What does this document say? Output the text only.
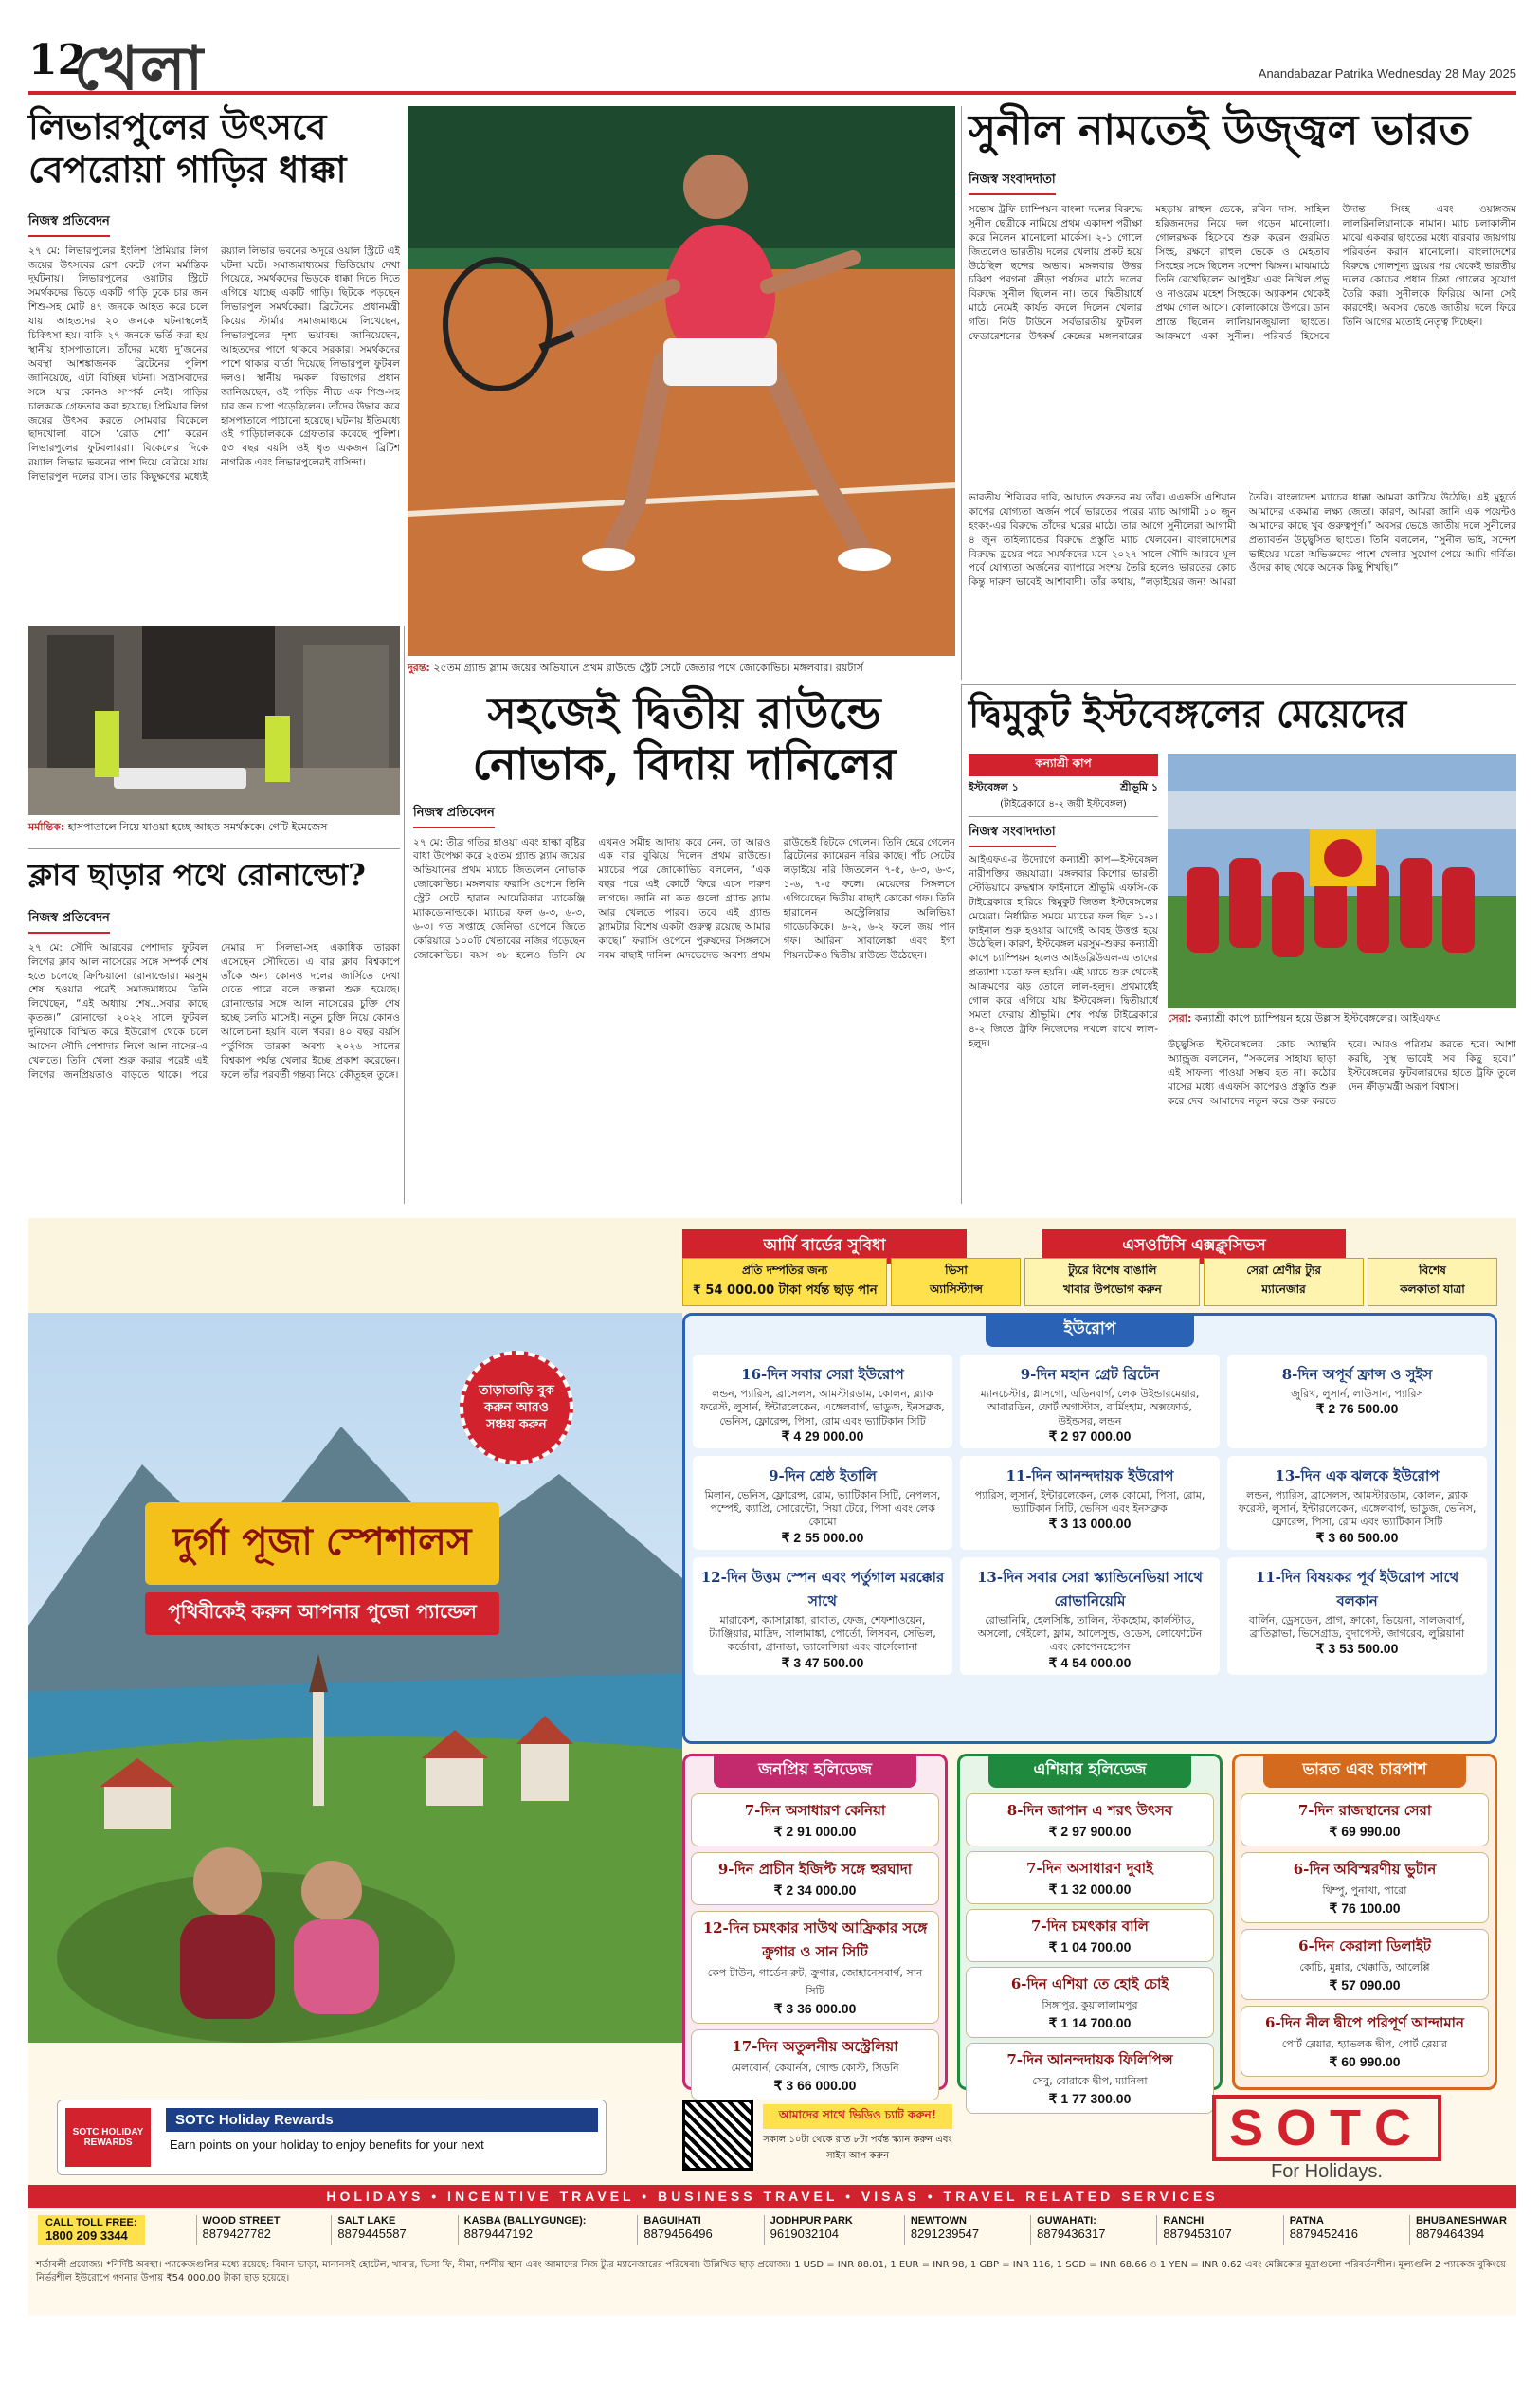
12
খেলা	Anandabazar Patrika Wednesday 28 May 2025
লিভারপুলের উৎসবে
বেপরোয়া গাড়ির ধাক্কা
নিজস্ব প্রতিবেদন
২৭ মে: লিভারপুলের ইংলিশ প্রিমিয়ার লিগ জয়ের উৎসবের রেশ কেটে গেল মর্মান্তিক দুর্ঘটনায়। লিভারপুলের ওয়াটার স্ট্রিটে সমর্থকদের ভিড়ে একটি গাড়ি ঢুকে চার জন শিশু-সহ মোট ৪৭ জনকে আহত করে চলে যায়। আহতদের ২০ জনকে ঘটনাস্থলেই চিকিৎসা হয়। বাকি ২৭ জনকে ভর্তি করা হয় স্থানীয় হাসপাতালে। তাঁদের মধ্যে দু’জনের অবস্থা আশঙ্কাজনক। ব্রিটেনের পুলিশ জানিয়েছে, এটা বিচ্ছিন্ন ঘটনা। সন্ত্রাসবাদের সঙ্গে যার কোনও সম্পর্ক নেই। গাড়ির চালককে গ্রেফতার করা হয়েছে। প্রিমিয়ার লিগ জয়ের উৎসব করতে সোমবার বিকেলে ছাদখোলা বাসে ‘রোড শো’ করেন লিভারপুলের ফুটবলাররা। বিকেলের দিকে রয়্যাল লিভার ভবনের পাশ দিয়ে বেরিয়ে যায় লিভারপুল দলের বাস। তার কিছুক্ষণের মধ্যেই রয়্যাল লিভার ভবনের অদূরে ওয়াল স্ট্রিটে এই ঘটনা ঘটে। সমাজমাধ্যমের ভিডিয়োয় দেখা গিয়েছে, সমর্থকদের ভিড়কে ধাক্কা দিতে দিতে এগিয়ে যাচ্ছে একটি গাড়ি। ছিটকে পড়ছেন লিভারপুল সমর্থকেরা। ব্রিটেনের প্রধানমন্ত্রী কিয়ের স্টার্মার সমাজমাধ্যমে লিখেছেন, লিভারপুলের দৃশ্য ভয়াবহ। জানিয়েছেন, আহতদের পাশে থাকবে সরকার। সমর্থকদের পাশে থাকার বার্তা দিয়েছে লিভারপুল ফুটবল দলও। স্থানীয় দমকল বিভাগের প্রধান জানিয়েছেন, ওই গাড়ির নীচে এক শিশু-সহ চার জন চাপা পড়েছিলেন। তাঁদের উদ্ধার করে হাসপাতালে পাঠানো হয়েছে। ঘটনায় ইতিমধ্যে ওই গাড়িচালককে গ্রেফতার করেছে পুলিশ। ৫৩ বছর বয়সি ওই ধৃত একজন ব্রিটিশ নাগরিক এবং লিভারপুলেরই বাসিন্দা।
দুরন্ত: ২৫তম গ্র্যান্ড স্ল্যাম জয়ের অভিযানে প্রথম রাউন্ডে স্ট্রেট সেটে জেতার পথে জোকোভিচ। মঙ্গলবার। রয়টার্স
সুনীল নামতেই উজ্জ্বল ভারত
নিজস্ব সংবাদদাতা
সন্তোষ ট্রফি চ্যাম্পিয়ন বাংলা দলের বিরুদ্ধে সুনীল ছেত্রীকে নামিয়ে প্রথম একাদশ পরীক্ষা করে নিলেন মানোলো মার্কেস। ২-১ গোলে জিতলেও ভারতীয় দলের খেলায় প্রকট হয়ে উঠেছিল ছন্দের অভাব। মঙ্গলবার উত্তর চব্বিশ পরগনা ক্রীড়া পর্ষদের মাঠে দলের বিরুদ্ধে সুনীল ছিলেন না। তবে দ্বিতীয়ার্ধে মাঠে নেমেই কার্যত বদলে দিলেন খেলার গতি। নিউ টাউনে সর্বভারতীয় ফুটবল ফেডারেশনের উৎকর্ষ কেন্দ্রের মঙ্গলবারের মহড়ায় রাহুল ভেকে, রবিন দাস, সাহিল হরিজনদের নিয়ে দল গড়েন মানোলো। গোলরক্ষক হিসেবে শুরু করেন গুরমিত সিংহ, রক্ষণে রাহুল ভেকে ও মেহতাব সিংহের সঙ্গে ছিলেন সন্দেশ ঝিঙ্গন। মাঝমাঠে তিনি রেখেছিলেন আপুইয়া এবং নিখিল প্রভু ও নাওরেম মহেশ সিংহকে। অ্যাকশন থেকেই প্রথম গোল আসে। কোলাকোয়ে উপরে। ডান প্রান্তে ছিলেন লালিয়ানজুয়ালা ছাংতে। আক্রমণে একা সুনীল। পরিবর্ত হিসেবে উদান্ত সিংহ এবং ওয়াঙ্গজম লালরিনলিয়ানাকে নামান। ম্যাচ চলাকালীন মাঝে একবার ছাংতের মধ্যে বারবার জায়গায় পরিবর্তন করান মানোলো। বাংলাদেশের বিরুদ্ধে গোলশূন্য ড্রয়ের পর থেকেই ভারতীয় দলের কোচের প্রধান চিন্তা গোলের সুযোগ তৈরি করা। সুনীলকে ফিরিয়ে আনা সেই কারণেই। অবসর ভেঙে জাতীয় দলে ফিরে তিনি আগের মতোই নেতৃত্ব দিচ্ছেন।
ভারতীয় শিবিরের দাবি, আঘাত গুরুতর নয় তাঁর। এএফসি এশিয়ান কাপের যোগ্যতা অর্জন পর্বে ভারতের পরের ম্যাচ আগামী ১০ জুন হংকং-এর বিরুদ্ধে তাঁদের ঘরের মাঠে। তার আগে সুনীলেরা আগামী ৪ জুন তাইল্যান্ডের বিরুদ্ধে প্রস্তুতি ম্যাচ খেলবেন। বাংলাদেশের বিরুদ্ধে ড্রয়ের পরে সমর্থকদের মনে ২০২৭ সালে সৌদি আরবে মূল পর্বে যোগ্যতা অর্জনের ব্যাপারে সংশয় তৈরি হলেও ভারতের কোচ কিন্তু দারুণ ভাবেই আশাবাদী। তাঁর কথায়, “লড়াইয়ের জন্য আমরা তৈরি। বাংলাদেশ ম্যাচের ধাক্কা আমরা কাটিয়ে উঠেছি। এই মুহূর্তে আমাদের একমাত্র লক্ষ্য জেতা। কারণ, আমরা জানি এক পয়েন্টও আমাদের কাছে খুব গুরুত্বপূর্ণ।” অবসর ভেঙে জাতীয় দলে সুনীলের প্রত্যাবর্তন উচ্ছ্বসিত ছাংতে। তিনি বললেন, “সুনীল ভাই, সন্দেশ ভাইয়ের মতো অভিজ্ঞদের পাশে খেলার সুযোগ পেয়ে আমি গর্বিত। ওঁদের কাছ থেকে অনেক কিছু শিখছি।”
মর্মান্তিক: হাসপাতালে নিয়ে যাওয়া হচ্ছে আহত সমর্থককে। গেটি ইমেজেস
ক্লাব ছাড়ার পথে রোনাল্ডো?
নিজস্ব প্রতিবেদন
২৭ মে: সৌদি আরবের পেশাদার ফুটবল লিগের ক্লাব আল নাসেরের সঙ্গে সম্পর্ক শেষ হতে চলেছে ক্রিশ্চিয়ানো রোনাল্ডোর। মরসুম শেষ হওয়ার পরেই সমাজমাধ্যমে তিনি লিখেছেন, “এই অধ্যায় শেষ...সবার কাছে কৃতজ্ঞ।” রোনাল্ডো ২০২২ সালে ফুটবল দুনিয়াকে বিস্মিত করে ইউরোপ থেকে চলে আসেন সৌদি পেশাদার লিগে আল নাসের-এ খেলতে। তিনি খেলা শুরু করার পরেই এই লিগের জনপ্রিয়তাও বাড়তে থাকে। পরে নেমার দা সিলভা-সহ একাধিক তারকা এসেছেন সৌদিতে। এ বার ক্লাব বিশ্বকাপে তাঁকে অন্য কোনও দলের জার্সিতে দেখা যেতে পারে বলে জল্পনা শুরু হয়েছে। রোনাল্ডোর সঙ্গে আল নাসেরের চুক্তি শেষ হচ্ছে চলতি মাসেই। নতুন চুক্তি নিয়ে কোনও আলোচনা হয়নি বলে খবর। ৪০ বছর বয়সি পর্তুগিজ তারকা অবশ্য ২০২৬ সালের বিশ্বকাপ পর্যন্ত খেলার ইচ্ছে প্রকাশ করেছেন। ফলে তাঁর পরবর্তী গন্তব্য নিয়ে কৌতূহল তুঙ্গে।
সহজেই দ্বিতীয় রাউন্ডে
নোভাক, বিদায় দানিলের
নিজস্ব প্রতিবেদন
২৭ মে: তীব্র গতির হাওয়া এবং হাল্কা বৃষ্টির বাধা উপেক্ষা করে ২৫তম গ্র্যান্ড স্ল্যাম জয়ের অভিযানের প্রথম ম্যাচে জিতলেন নোভাক জোকোভিচ। মঙ্গলবার ফরাসি ওপেনে তিনি স্ট্রেট সেটে হারান আমেরিকার ম্যাকেঞ্জি ম্যাকডোনাল্ডকে। ম্যাচের ফল ৬-৩, ৬-৩, ৬-৩। গত সপ্তাহে জেনিভা ওপেনে জিতে কেরিয়ারে ১০০টি খেতাবের নজির গড়েছেন জোকোভিচ। বয়স ৩৮ হলেও তিনি যে এখনও সমীহ আদায় করে নেন, তা আরও এক বার বুঝিয়ে দিলেন প্রথম রাউন্ডে। ম্যাচের পরে জোকোভিচ বললেন, “এক বছর পরে এই কোর্টে ফিরে এসে দারুণ লাগছে। জানি না কত গুলো গ্র্যান্ড স্ল্যাম আর খেলতে পারব। তবে এই গ্র্যান্ড স্ল্যামটার বিশেষ একটা গুরুত্ব রয়েছে আমার কাছে।” ফরাসি ওপেনে পুরুষদের সিঙ্গলসে নবম বাছাই দানিল মেদভেদেভ অবশ্য প্রথম রাউন্ডেই ছিটকে গেলেন। তিনি হেরে গেলেন ব্রিটেনের ক্যামেরন নরির কাছে। পাঁচ সেটের লড়াইয়ে নরি জিতলেন ৭-৫, ৬-৩, ৬-৩, ১-৬, ৭-৫ ফলে। মেয়েদের সিঙ্গলসে এগিয়েছেন দ্বিতীয় বাছাই কোকো গফ। তিনি হারালেন অস্ট্রেলিয়ার অলিভিয়া গাডেচকিকে। ৬-২, ৬-২ ফলে জয় পান গফ। আরিনা সাবালেঙ্কা এবং ইগা শিয়নটেকও দ্বিতীয় রাউন্ডে উঠেছেন।
দ্বিমুকুট ইস্টবেঙ্গলের মেয়েদের
কন্যাশ্রী কাপ
ইস্টবেঙ্গল ১	শ্রীভূমি ১
(টাইব্রেকারে ৪-২ জয়ী ইস্টবেঙ্গল)
নিজস্ব সংবাদদাতা
আইএফএ-র উদ্যোগে কন্যাশ্রী কাপ—ইস্টবেঙ্গল নারীশক্তির জয়যাত্রা। মঙ্গলবার কিশোর ভারতী স্টেডিয়ামে রুদ্ধশ্বাস ফাইনালে শ্রীভূমি এফসি-কে টাইব্রেকারে হারিয়ে দ্বিমুকুট জিতল ইস্টবেঙ্গলের মেয়েরা। নির্ধারিত সময়ে ম্যাচের ফল ছিল ১-১। ফাইনাল শুরু হওয়ার আগেই আবহ উত্তপ্ত হয়ে উঠেছিল। কারণ, ইস্টবেঙ্গল মরসুম-শুরুর কন্যাশ্রী কাপে চ্যাম্পিয়ন হলেও আইডব্লিউএল-এ তাদের প্রত্যাশা মতো ফল হয়নি। এই ম্যাচে শুরু থেকেই আক্রমণের ঝড় তোলে লাল-হলুদ। প্রথমার্ধেই গোল করে এগিয়ে যায় ইস্টবেঙ্গল। দ্বিতীয়ার্ধে সমতা ফেরায় শ্রীভূমি। শেষ পর্যন্ত টাইব্রেকারে ৪-২ জিতে ট্রফি নিজেদের দখলে রাখে লাল-হলুদ।
সেরা: কন্যাশ্রী কাপে চ্যাম্পিয়ন হয়ে উল্লাস ইস্টবেঙ্গলের। আইএফএ
উচ্ছ্বসিত ইস্টবেঙ্গলের কোচ অ্যান্থনি অ্যান্ড্রুজ বললেন, “সকলের সাহায্য ছাড়া এই সাফল্য পাওয়া সম্ভব হত না। কঠোর মাসের মধ্যে এএফসি কাপেরও প্রস্তুতি শুরু করে দেব। আমাদের নতুন করে শুরু করতে হবে। আরও পরিশ্রম করতে হবে। আশা করছি, সুস্থ ভাবেই সব কিছু হবে।” ইস্টবেঙ্গলের ফুটবলারদের হাতে ট্রফি তুলে দেন ক্রীড়ামন্ত্রী অরূপ বিশ্বাস।
আর্মি বার্ডের সুবিধা	এসওটিসি এক্সক্লুসিভস
প্রতি দম্পতির জন্য
₹ 54 000.00 টাকা পর্যন্ত ছাড় পান
ভিসা
অ্যাসিস্ট্যান্স
ট্যুরে বিশেষ বাঙালি
খাবার উপভোগ করুন
সেরা শ্রেণীর ট্যুর
ম্যানেজার
বিশেষ
কলকাতা যাত্রা
তাড়াতাড়ি বুক করুন আরও সঞ্চয় করুন
দুর্গা পূজা স্পেশালস পৃথিবীকেই করুন আপনার পুজো প্যান্ডেল
ইউরোপ
16-দিন সবার সেরা ইউরোপ

লন্ডন, প্যারিস, ব্রাসেলস, আমস্টারডাম, কোলন, ব্ল্যাক ফরেস্ট, লুসার্ন, ইন্টারলেকেন, এঙ্গেলবার্গ, ভাডুজ, ইনসব্রুক, ভেনিস, ফ্লোরেন্স, পিসা, রোম এবং ভ্যাটিকান সিটি

₹ 4 29 000.00
9-দিন মহান গ্রেট ব্রিটেন

ম্যানচেস্টার, গ্লাসগো, এডিনবার্গ, লেক উইন্ডারমেয়ার, আবারডিন, ফোর্ট অগাস্টাস, বার্মিংহাম, অক্সফোর্ড, উইন্ডসর, লন্ডন

₹ 2 97 000.00
8-দিন অপূর্ব ফ্রান্স ও সুইস

জুরিখ, লুসার্ন, লাউসান, প্যারিস

₹ 2 76 500.00
9-দিন শ্রেষ্ঠ ইতালি

মিলান, ভেনিস, ফ্লোরেন্স, রোম, ভ্যাটিকান সিটি, নেপলস, পম্পেই, ক্যাপ্রি, সোরেন্টো, সিয়া টেরে, পিসা এবং লেক কোমো

₹ 2 55 000.00
11-দিন আনন্দদায়ক ইউরোপ

প্যারিস, লুসার্ন, ইন্টারলেকেন, লেক কোমো, পিসা, রোম, ভ্যাটিকান সিটি, ভেনিস এবং ইনসব্রুক

₹ 3 13 000.00
13-দিন এক ঝলকে ইউরোপ

লন্ডন, প্যারিস, ব্রাসেলস, আমস্টারডাম, কোলন, ব্ল্যাক ফরেস্ট, লুসার্ন, ইন্টারলেকেন, এঙ্গেলবার্গ, ভাডুজ, ভেনিস, ফ্লোরেন্স, পিসা, রোম এবং ভ্যাটিকান সিটি

₹ 3 60 500.00
12-দিন উত্তম স্পেন এবং পর্তুগাল মরক্কোর সাথে

মারাকেশ, ক্যাসাব্লাঙ্কা, রাবাত, ফেজ, শেফশাওয়েন, ট্যাঞ্জিয়ার, মাদ্রিদ, সালামাঙ্কা, পোর্তো, লিসবন, সেভিল, কর্ডোবা, গ্রানাডা, ভ্যালেন্সিয়া এবং বার্সেলোনা

₹ 3 47 500.00
13-দিন সবার সেরা স্ক্যান্ডিনেভিয়া সাথে রোভানিয়েমি

রোভানিমি, হেলসিঙ্কি, তালিন, স্টকহোম, কার্লস্টাড, অসলো, গেইলো, ফ্লাম, আলেসুন্ড, ওডেস, লোফোটেন এবং কোপেনহেগেন

₹ 4 54 000.00
11-দিন বিষয়কর পূর্ব ইউরোপ সাথে বলকান

বার্লিন, ড্রেসডেন, প্রাগ, ক্রাকো, ভিয়েনা, সালজবার্গ, ব্রাতিস্লাভা, ভিসেগ্রাড, বুদাপেস্ট, জাগরেব, লুব্লিয়ানা

₹ 3 53 500.00
জনপ্রিয় হলিডেজ
7-দিন অসাধারণ কেনিয়া
₹ 2 91 000.00
9-দিন প্রাচীন ইজিপ্ট সঙ্গে হুরঘাদা
₹ 2 34 000.00
12-দিন চমৎকার সাউথ আফ্রিকার সঙ্গে ক্রুগার ও সান সিটি

কেপ টাউন, গার্ডেন রুট, ক্রুগার, জোহানেসবার্গ, সান সিটি

₹ 3 36 000.00
17-দিন অতুলনীয় অস্ট্রেলিয়া

মেলবোর্ন, কেয়ার্নস, গোল্ড কোস্ট, সিডনি

₹ 3 66 000.00
এশিয়ার হলিডেজ
8-দিন জাপান এ শরৎ উৎসব
₹ 2 97 900.00
7-দিন অসাধারণ দুবাই
₹ 1 32 000.00
7-দিন চমৎকার বালি
₹ 1 04 700.00
6-দিন এশিয়া তে হোই চোই

সিঙ্গাপুর, কুয়ালালামপুর

₹ 1 14 700.00
7-দিন আনন্দদায়ক ফিলিপিন্স

সেবু, বোরাকে দ্বীপ, ম্যানিলা

₹ 1 77 300.00
ভারত এবং চারপাশ
7-দিন রাজস্থানের সেরা
₹ 69 990.00
6-দিন অবিস্মরণীয় ভুটান

থিম্পু, পুনাখা, পারো

₹ 76 100.00
6-দিন কেরালা ডিলাইট

কোচি, মুন্নার, থেক্কাডি, আলেপ্পি

₹ 57 090.00
6-দিন নীল দ্বীপে পরিপূর্ণ আন্দামান

পোর্ট ব্লেয়ার, হ্যাভলক দ্বীপ, পোর্ট ব্লেয়ার

₹ 60 990.00
SOTC HOLIDAY REWARDS
SOTC Holiday Rewards
Earn points on your holiday to enjoy benefits for your next
আমাদের সাথে ভিডিও চ্যাট করুন!
সকাল ১০টা থেকে রাত ৮টা পর্যন্ত স্ক্যান করুন এবং সাইন আপ করুন	SOTC
For Holidays.
HOLIDAYS • INCENTIVE TRAVEL • BUSINESS TRAVEL • VISAS • TRAVEL RELATED SERVICES
CALL TOLL FREE:
1800 209 3344
WOOD STREET
8879427782
SALT LAKE
8879445587
KASBA (BALLYGUNGE):
8879447192
BAGUIHATI
8879456496
JODHPUR PARK
9619032104
NEWTOWN
8291239547
GUWAHATI:
8879436317
RANCHI
8879453107
PATNA
8879452416
BHUBANESHWAR
8879464394
শর্তাবলী প্রযোজ্য। *নির্দিষ্ট অবস্থা। প্যাকেজগুলির মধ্যে রয়েছে: বিমান ভাড়া, মানানসই হোটেল, খাবার, ভিসা ফি, বীমা, দর্শনীয় স্থান এবং আমাদের নিজ ট্যুর ম্যানেজারের পরিষেবা। উল্লিখিত ছাড় প্রযোজ্য। 1 USD = INR 88.01, 1 EUR = INR 98, 1 GBP = INR 116, 1 SGD = INR 68.66 ও 1 YEN = INR 0.62 এবং মেক্সিকোর মুদ্রাগুলো পরিবর্তনশীল। মূল্যগুলি 2 প্যাকেজ বুকিংয়ে নির্ভরশীল ইউরোপে গণনার উপায় ₹54 000.00 টাকা ছাড় হয়েছে।
